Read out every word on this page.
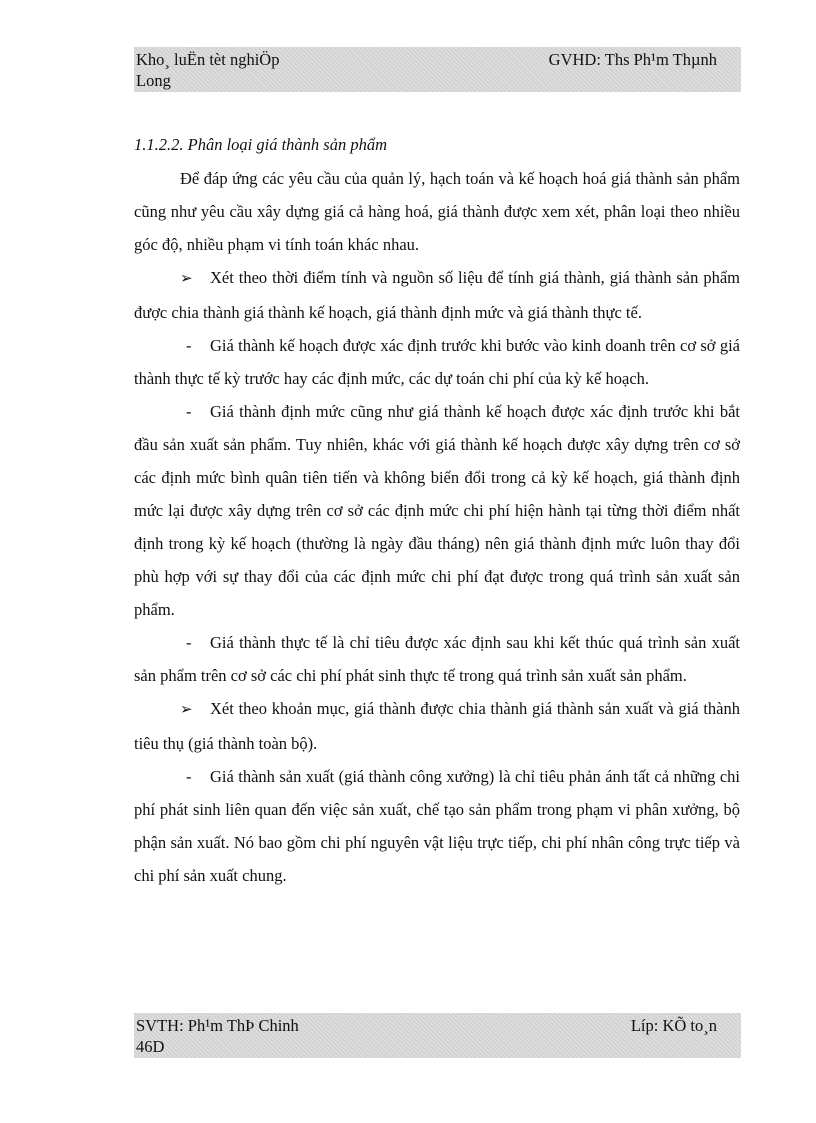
Kho¸ luËn tèt nghiÖp	GVHD: Ths Ph¹m Thµnh
Long

1.1.2.2. Phân loại giá thành sản phẩm

Để đáp ứng các yêu cầu của quản lý, hạch toán và kế hoạch hoá giá thành sản phẩm cũng như yêu cầu xây dựng giá cả hàng hoá, giá thành được xem xét, phân loại theo nhiều góc độ, nhiều phạm vi tính toán khác nhau.

➢ Xét theo thời điểm tính và nguồn số liệu để tính giá thành, giá thành sản phẩm được chia thành giá thành kế hoạch, giá thành định mức và giá thành thực tế.

- Giá thành kế hoạch được xác định trước khi bước vào kinh doanh trên cơ sở giá thành thực tế kỳ trước hay các định mức, các dự toán chi phí của kỳ kế hoạch.

- Giá thành định mức cũng như giá thành kế hoạch được xác định trước khi bắt đầu sản xuất sản phẩm. Tuy nhiên, khác với giá thành kế hoạch được xây dựng trên cơ sở các định mức bình quân tiên tiến và không biến đổi trong cả kỳ kế hoạch, giá thành định mức lại được xây dựng trên cơ sở các định mức chi phí hiện hành tại từng thời điểm nhất định trong kỳ kế hoạch (thường là ngày đầu tháng) nên giá thành định mức luôn thay đổi phù hợp với sự thay đổi của các định mức chi phí đạt được trong quá trình sản xuất sản phẩm.

- Giá thành thực tế là chỉ tiêu được xác định sau khi kết thúc quá trình sản xuất sản phẩm trên cơ sở các chi phí phát sinh thực tế trong quá trình sản xuất sản phẩm.

➢ Xét theo khoản mục, giá thành được chia thành giá thành sản xuất và giá thành tiêu thụ (giá thành toàn bộ).

- Giá thành sản xuất (giá thành công xưởng) là chỉ tiêu phản ánh tất cả những chi phí phát sinh liên quan đến việc sản xuất, chế tạo sản phẩm trong phạm vi phân xưởng, bộ phận sản xuất. Nó bao gồm chi phí nguyên vật liệu trực tiếp, chi phí nhân công trực tiếp và chi phí sản xuất chung.

SVTH: Ph¹m ThÞ Chinh	Líp: KÕ to¸n
46D
